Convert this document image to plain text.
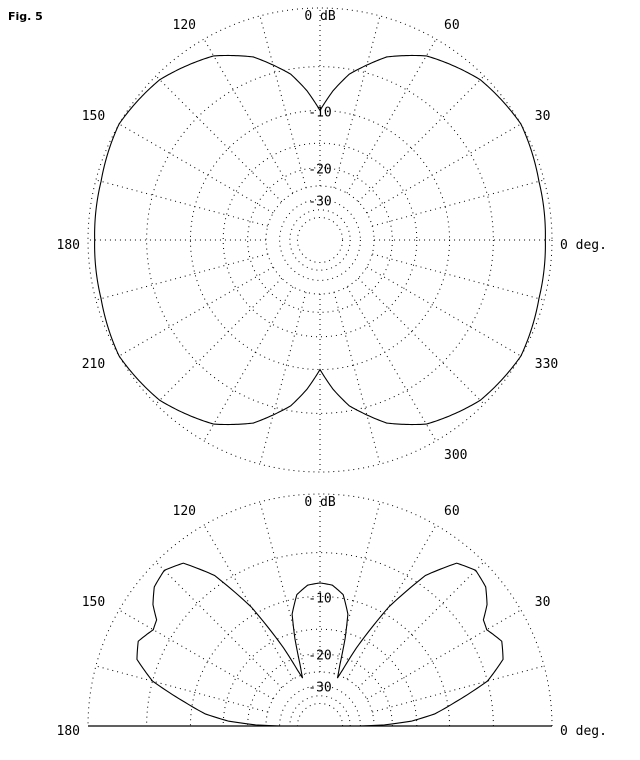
Fig. 5	0 dB
-10
-20
-30
0 deg.
30
60
120
150
180
210
300
330
0 dB
-10
-20
-30
0 deg.
30
60
120
150
180
